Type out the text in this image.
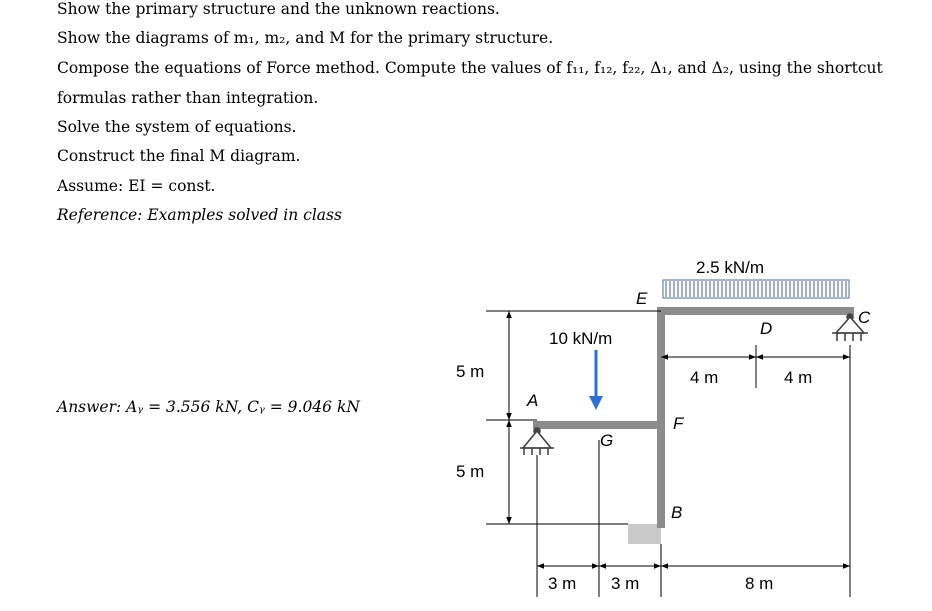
Show the primary structure and the unknown reactions.
Show the diagrams of m₁, m₂, and M for the primary structure.
Compose the equations of Force method. Compute the values of f₁₁, f₁₂, f₂₂, Δ₁, and Δ₂, using the shortcut
formulas rather than integration.
Solve the system of equations.
Construct the final M diagram.
Assume: EI = const.
Reference: Examples solved in class
Answer: Aᵧ = 3.556 kN, Cᵧ = 9.046 kN
2.5 kN/m
E
10 kN/m
D
C
5 m
5 m
A
G
F
B
4 m	4 m
3 m 3 m	8 m
